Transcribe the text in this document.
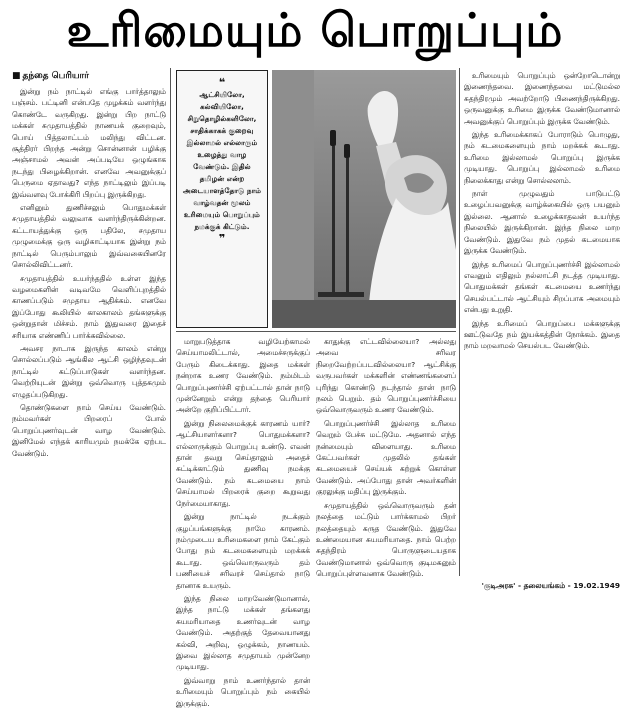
உரிமையும் பொறுப்பும்
■ தந்தை பெரியார்

இன்று நம் நாட்டில் எங்கு பார்த்தாலும் பஞ்சம். பட்டினி என்பதே முழக்கம் வளர்ந்து கொண்டே வருகிறது. இன்று பிற நாட்டு மக்கள் சுமுதாயத்தில் நாணயக் குறைவும், பொய் பித்தலாட்டம் மலிந்து விட்டன. சூத்திரர் பிறந்த அன்று சொன்னான் பழிக்கு அஞ்சாமல் அவன் அப்படியே ஒழுங்காக நடந்து பிழைக்கிறான். எனவே அவனுக்குப் பெருமை ஏதாவது? எந்த நாட்டிலும் இப்படி இவ்வளவு போக்கிரி பிறப்பு இருக்கிறது.

எனினும் துணிச்சலும் பொதுமக்கள் சமுதாயத்தில் வலுவாக வளர்ந்திருக்கின்றன. கட்டாயத்துக்கு ஒரு பதிலே, சமுதாய முழுமைக்கு ஒரு வழிகாட்டியாக இன்று நம் நாட்டில் பெரும்பாலும் இவ்வகையினரே சொல்லிவிட்டனர்.

சமுதாயத்தில் உயர்ந்ததில் உள்ள இந்த வழமைகளின் வடிவமே வெளிப்புறத்தில் காணப்படும் சமுதாய ஆதிக்கம். எனவே இப்போது கூலியில் காலகாலம் தங்களுக்கு ஒன்றுதான் மிச்சம். நாம் இதுவரை இதைச் சரியாக எண்ணிப் பார்க்கவில்லை.

அவசர நாடாக இருந்த காலம் என்று சொல்லப்படும் ஆங்கில ஆட்சி ஒழிந்தவுடன் நாட்டில் கட்டுப்பாடுகள் வளர்ந்தன. வெற்றியுடன் இன்று ஒவ்வொரு புத்தகமும் எழுதப்படுகிறது.

தொண்டுகளை நாம் செய்ய வேண்டும். நம்மவர்கள் பிறரைப் போல் பொறுப்புணர்வுடன் வாழ வேண்டும். இனிமேல் எந்தக் காரியமும் நமக்கே ஏற்பட வேண்டும்.

❝
ஆட்சியிலோ, கல்வியிலோ, சிறுதொழில்களிலோ, சாதிக்காகக் குறைவு இல்லாமல் எல்லாரும் உழைத்து வாழ வேண்டும். இதில் தமிழன் என்ற அடையாளத்தோடு நாம் வாழ்வதன் மூலம் உரிமையும் பொறுப்பும் நமக்குக் கிட்டும்.
❞

மாறுபடுத்தாக வழியேற்காமல் செய்யாமலிட்டால், அமைச்சருக்குப் பேரும் கிடைக்காது. இதை மக்கள் நன்றாக உணர வேண்டும். நம்மிடம் பொறுப்புணர்ச்சி ஏற்பட்டால் தான் நாடு முன்னேறும் என்று தந்தை பெரியார் அன்றே குறிப்பிட்டார்.

இன்று நிலைமைக்குக் காரணம் யார்? ஆட்சியாளர்களா? பொதுமக்களா? எல்லாருக்கும் பொறுப்பு உண்டு. எவன் தான் தவறு செய்தாலும் அதைச் சுட்டிக்காட்டும் துணிவு நமக்கு வேண்டும். நம் கடமையை நாம் செய்யாமல் பிறரைக் குறை கூறுவது நேர்மையாகாது.

இன்று நாட்டில் நடக்கும் குழப்பங்களுக்கு நாமே காரணம். நம்முடைய உரிமைகளை நாம் கேட்கும் போது நம் கடமைகளையும் மறக்கக் கூடாது. ஒவ்வொருவரும் தம் பணியைச் சரிவரச் செய்தால் நாடு தானாக உயரும்.

இந்த நிலை மாறவேண்டுமானால், இந்த நாட்டு மக்கள் தங்களது சுயமரியாதை உணர்வுடன் வாழ வேண்டும். அதற்குத் தேவையானது கல்வி, அறிவு, ஒழுக்கம், நாணயம். இவை இல்லாத சமுதாயம் முன்னேற முடியாது.

இவ்வாறு நாம் உணர்ந்தால் தான் உரிமையும் பொறுப்பும் நம் கையில் இருக்கும்.

காதுக்கு எட்டவில்லையா? அல்லது அவை சரிவர நிறைவேற்றப்படவில்லையா? ஆட்சிக்கு வருபவர்கள் மக்களின் எண்ணங்களைப் புரிந்து கொண்டு நடந்தால் தான் நாடு நலம் பெறும். தம் பொறுப்புணர்ச்சியை ஒவ்வொருவரும் உணர வேண்டும்.

பொறுப்புணர்ச்சி இல்லாத உரிமை வெறும் பேச்சு மட்டுமே. அதனால் எந்த நன்மையும் விளையாது. உரிமை கேட்பவர்கள் முதலில் தங்கள் கடமையைச் செய்யக் கற்றுக் கொள்ள வேண்டும். அப்போது தான் அவர்களின் குரலுக்கு மதிப்பு இருக்கும்.

சமுதாயத்தில் ஒவ்வொருவரும் தன் நலத்தை மட்டும் பார்க்காமல் பிறர் நலத்தையும் கருத வேண்டும். இதுவே உண்மையான சுயமரியாதை. நாம் பெற்ற சுதந்திரம் பொருளுடையதாக வேண்டுமானால் ஒவ்வொரு குடிமகனும் பொறுப்புள்ளவனாக வேண்டும்.

உரிமையும் பொறுப்பும் ஒன்றோடொன்று இணைந்தவை. இணைந்தவை மட்டுமல்ல சுதந்திரமும் அவற்றோடு பிணைந்திருக்கிறது. ஒருவனுக்கு உரிமை இருக்க வேண்டுமானால் அவனுக்குப் பொறுப்பும் இருக்க வேண்டும்.

இந்த உரிமைக்காகப் போராடும் பொழுது, நம் கடமைகளையும் நாம் மறக்கக் கூடாது. உரிமை இல்லாமல் பொறுப்பு இருக்க முடியாது. பொறுப்பு இல்லாமல் உரிமை நிலைக்காது என்று சொல்லலாம்.

நாள் முழுவதும் பாடுபட்டு உழைப்பவனுக்கு வாழ்க்கையில் ஒரு பயனும் இல்லை. ஆனால் உழைக்காதவன் உயர்ந்த நிலையில் இருக்கிறான். இந்த நிலை மாற வேண்டும். இதுவே நம் முதல் கடமையாக இருக்க வேண்டும்.

இந்த உரிமைப் பொறுப்புணர்ச்சி இல்லாமல் எவனும் எதிலும் நல்லாட்சி நடத்த முடியாது. பொதுமக்கள் தங்கள் கடமையை உணர்ந்து செயல்பட்டால் ஆட்சியும் சிறப்பாக அமையும் என்பது உறுதி.

இந்த உரிமைப் பொறுப்பை மக்களுக்கு ஊட்டுவதே நம் இயக்கத்தின் நோக்கம். இதை நாம் மறவாமல் செயல்பட வேண்டும்.

'குடிஅரசு' - தலையங்கம் - 19.02.1949
